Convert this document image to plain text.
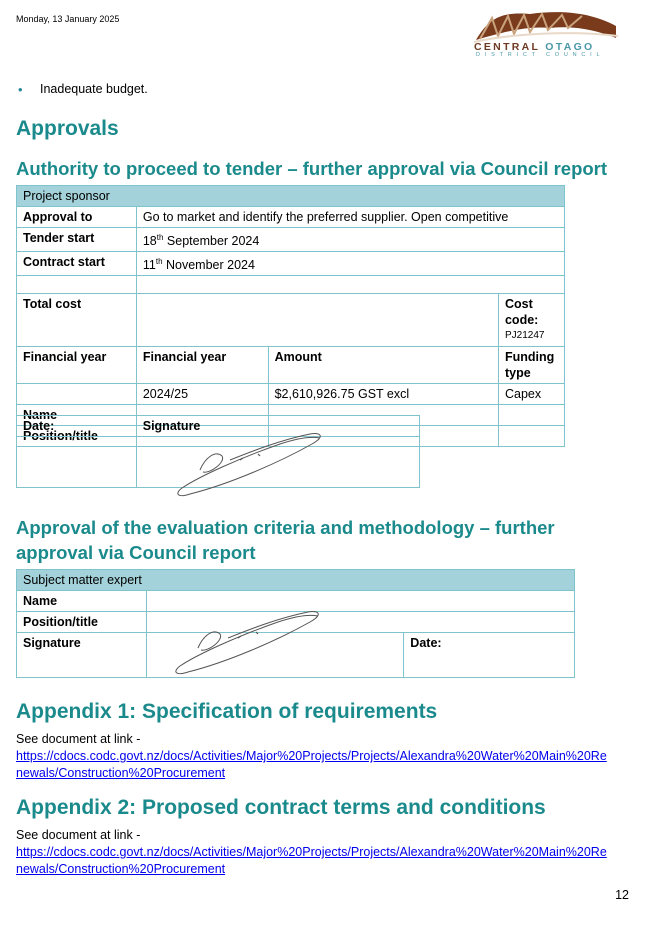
Monday, 13 January 2025
CENTRAL OTAGO
DISTRICT COUNCIL
• Inadequate budget.
Approvals
Authority to proceed to tender – further approval via Council report
Project sponsor			
Approval to	Go to market and identify the preferred supplier. Open competitive		
Tender start	18th September 2024		
Contract start	11th November 2024		

Total cost			Cost code:
PJ21247

Financial year	Financial year	Amount	Funding type
	2024/25	$2,610,926.75 GST excl	Capex
Name			
Position/title			
Date:	Signature

Approval of the evaluation criteria and methodology – further
approval via Council report
Subject matter expert		
Name		
Position/title		
Signature		Date:
Appendix 1: Specification of requirements
See document at link -
https://cdocs.codc.govt.nz/docs/Activities/Major%20Projects/Projects/Alexandra%20Water%20Main%20Re
newals/Construction%20Procurement
Appendix 2: Proposed contract terms and conditions
See document at link -
https://cdocs.codc.govt.nz/docs/Activities/Major%20Projects/Projects/Alexandra%20Water%20Main%20Re
newals/Construction%20Procurement
12
